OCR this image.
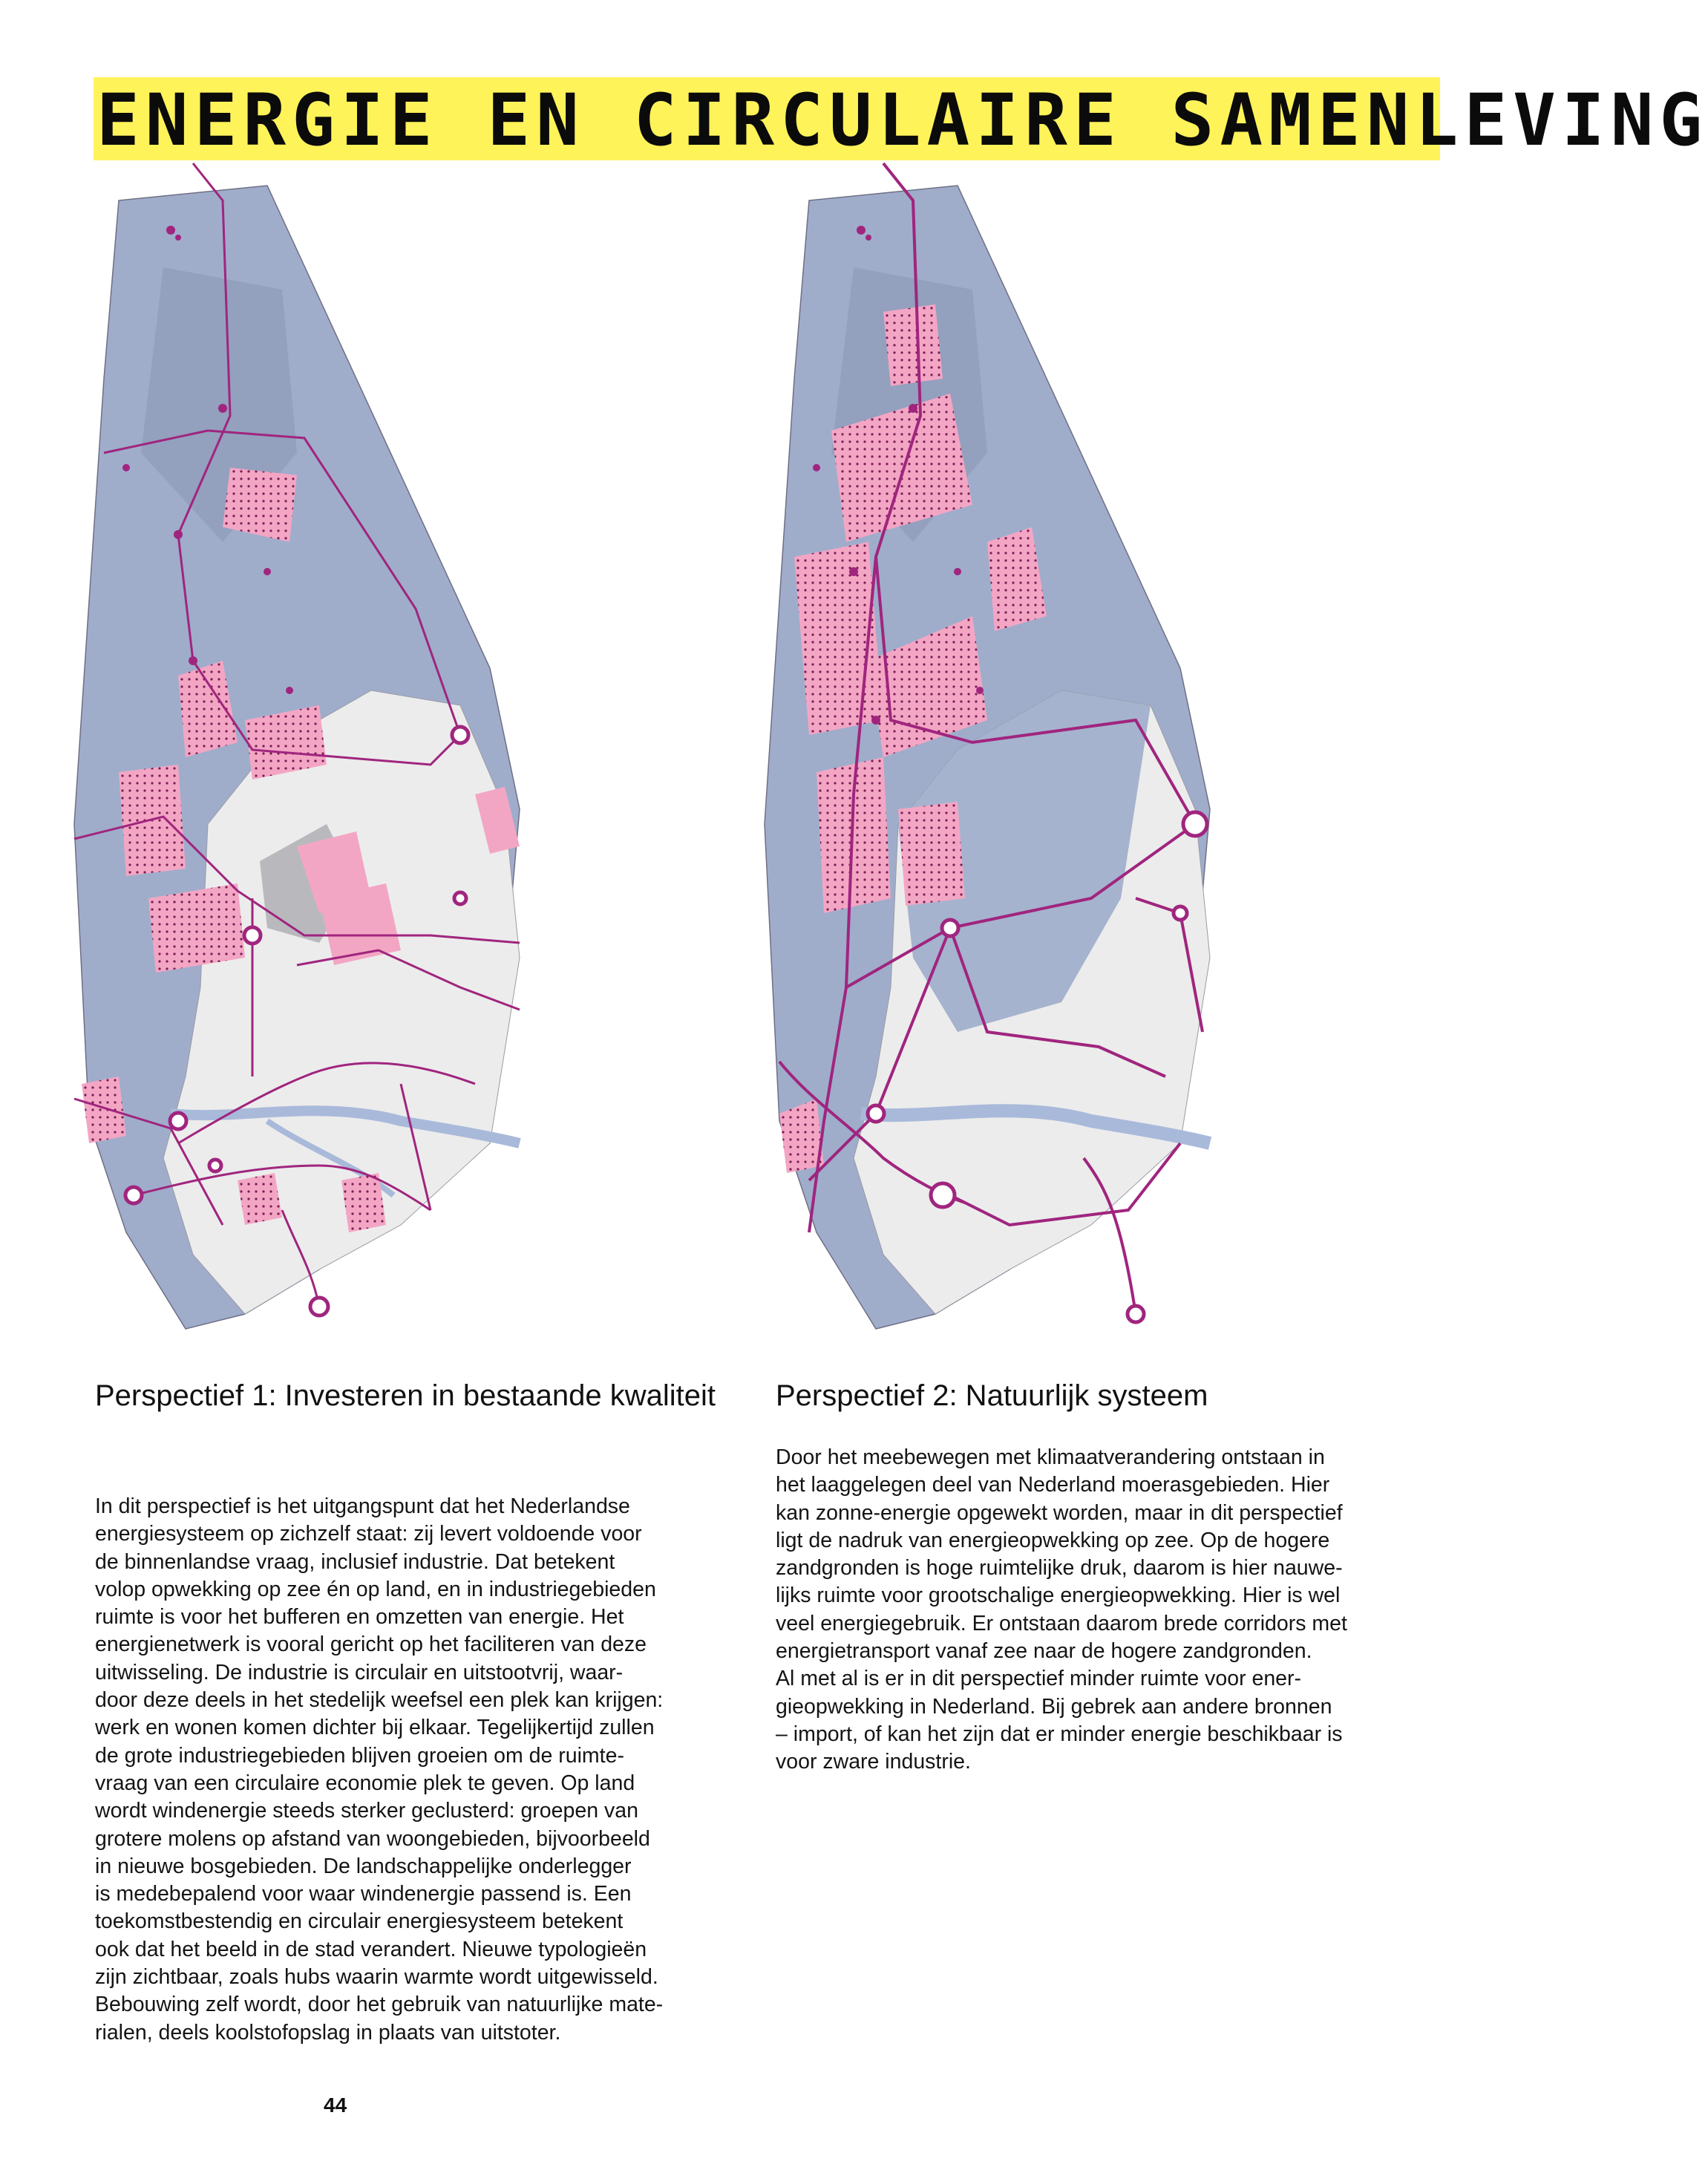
ENERGIE EN CIRCULAIRE SAMENLEVING
Perspectief 1: Investeren in bestaande kwaliteit
In dit perspectief is het uitgangspunt dat het Nederlandse
energiesysteem op zichzelf staat: zij levert voldoende voor
de binnenlandse vraag, inclusief industrie. Dat betekent
volop opwekking op zee én op land, en in industriegebieden
ruimte is voor het bufferen en omzetten van energie. Het
energienetwerk is vooral gericht op het faciliteren van deze
uitwisseling. De industrie is circulair en uitstootvrij, waar-
door deze deels in het stedelijk weefsel een plek kan krijgen:
werk en wonen komen dichter bij elkaar. Tegelijkertijd zullen
de grote industriegebieden blijven groeien om de ruimte-
vraag van een circulaire economie plek te geven. Op land
wordt windenergie steeds sterker geclusterd: groepen van
grotere molens op afstand van woongebieden, bijvoorbeeld
in nieuwe bosgebieden. De landschappelijke onderlegger
is medebepalend voor waar windenergie passend is. Een
toekomstbestendig en circulair energiesysteem betekent
ook dat het beeld in de stad verandert. Nieuwe typologieën
zijn zichtbaar, zoals hubs waarin warmte wordt uitgewisseld.
Bebouwing zelf wordt, door het gebruik van natuurlijke mate-
rialen, deels koolstofopslag in plaats van uitstoter.
Perspectief 2: Natuurlijk systeem
Door het meebewegen met klimaatverandering ontstaan in
het laaggelegen deel van Nederland moerasgebieden. Hier
kan zonne-energie opgewekt worden, maar in dit perspectief
ligt de nadruk van energieopwekking op zee. Op de hogere
zandgronden is hoge ruimtelijke druk, daarom is hier nauwe-
lijks ruimte voor grootschalige energieopwekking. Hier is wel
veel energiegebruik. Er ontstaan daarom brede corridors met
energietransport vanaf zee naar de hogere zandgronden.
Al met al is er in dit perspectief minder ruimte voor ener-
gieopwekking in Nederland. Bij gebrek aan andere bronnen
– import, of kan het zijn dat er minder energie beschikbaar is
voor zware industrie.
44
